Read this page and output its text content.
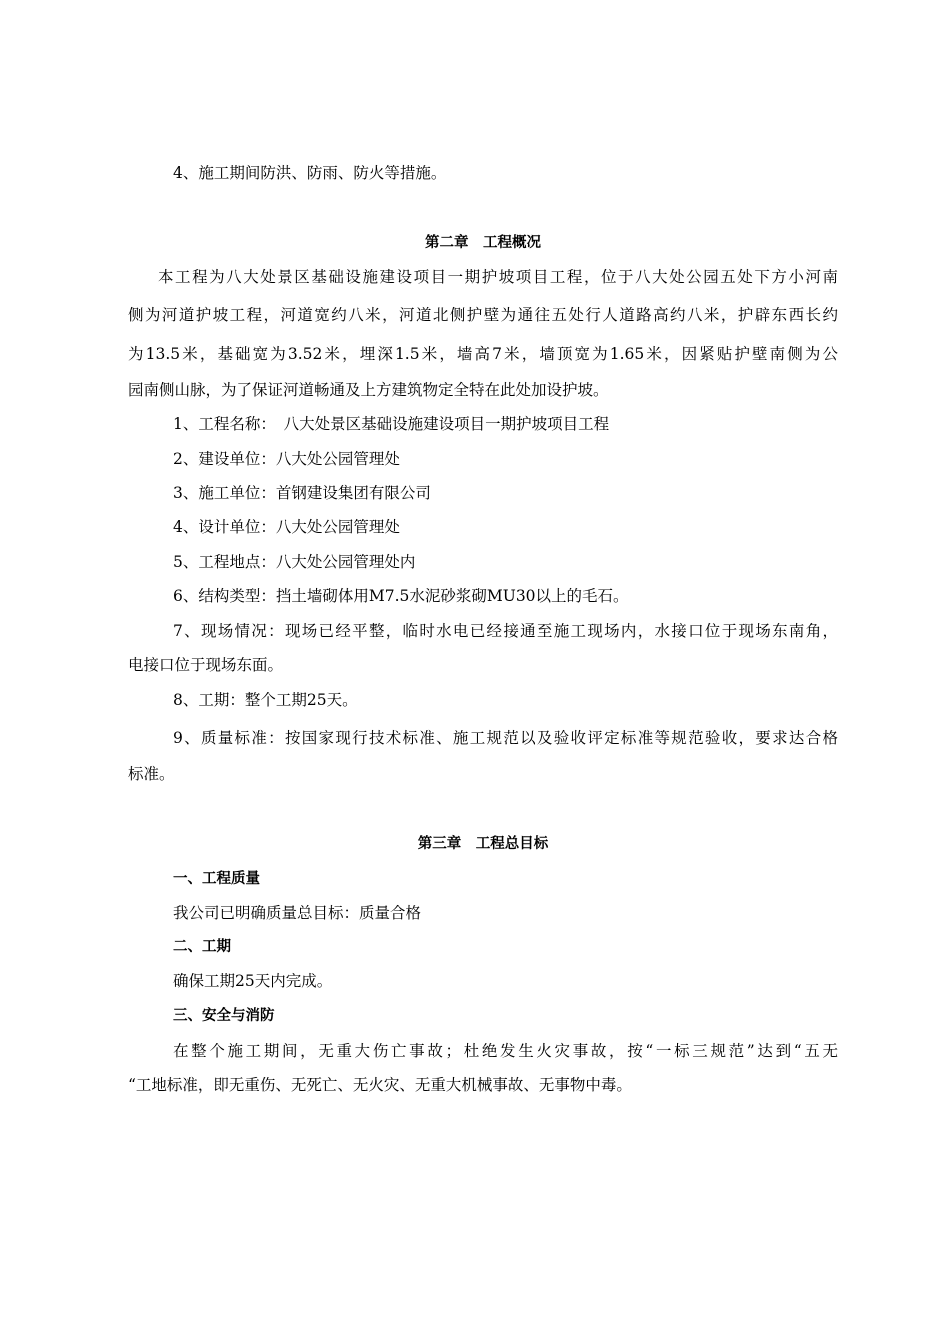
4、施工期间防洪、防雨、防火等措施。

第二章　工程概况

本工程为八大处景区基础设施建设项目一期护坡项目工程，位于八大处公园五处下方小河南

侧为河道护坡工程，河道宽约八米，河道北侧护壁为通往五处行人道路高约八米，护辟东西长约

为13.5米，基础宽为3.52米，埋深1.5米，墙高7米，墙顶宽为1.65米，因紧贴护壁南侧为公

园南侧山脉，为了保证河道畅通及上方建筑物定全特在此处加设护坡。

1、工程名称：　八大处景区基础设施建设项目一期护坡项目工程

2、建设单位：八大处公园管理处

3、施工单位：首钢建设集团有限公司

4、设计单位：八大处公园管理处

5、工程地点：八大处公园管理处内

6、结构类型：挡土墙砌体用M7.5水泥砂浆砌MU30以上的毛石。

7、现场情况：现场已经平整，临时水电已经接通至施工现场内，水接口位于现场东南角，

电接口位于现场东面。

8、工期：整个工期25天。

9、质量标准：按国家现行技术标准、施工规范以及验收评定标准等规范验收，要求达合格

标准。

第三章　工程总目标
一、工程质量

我公司已明确质量总目标：质量合格

二、工期

确保工期25天内完成。

三、安全与消防

在整个施工期间，无重大伤亡事故；杜绝发生火灾事故，按“一标三规范”达到“五无

“工地标准，即无重伤、无死亡、无火灾、无重大机械事故、无事物中毒。
